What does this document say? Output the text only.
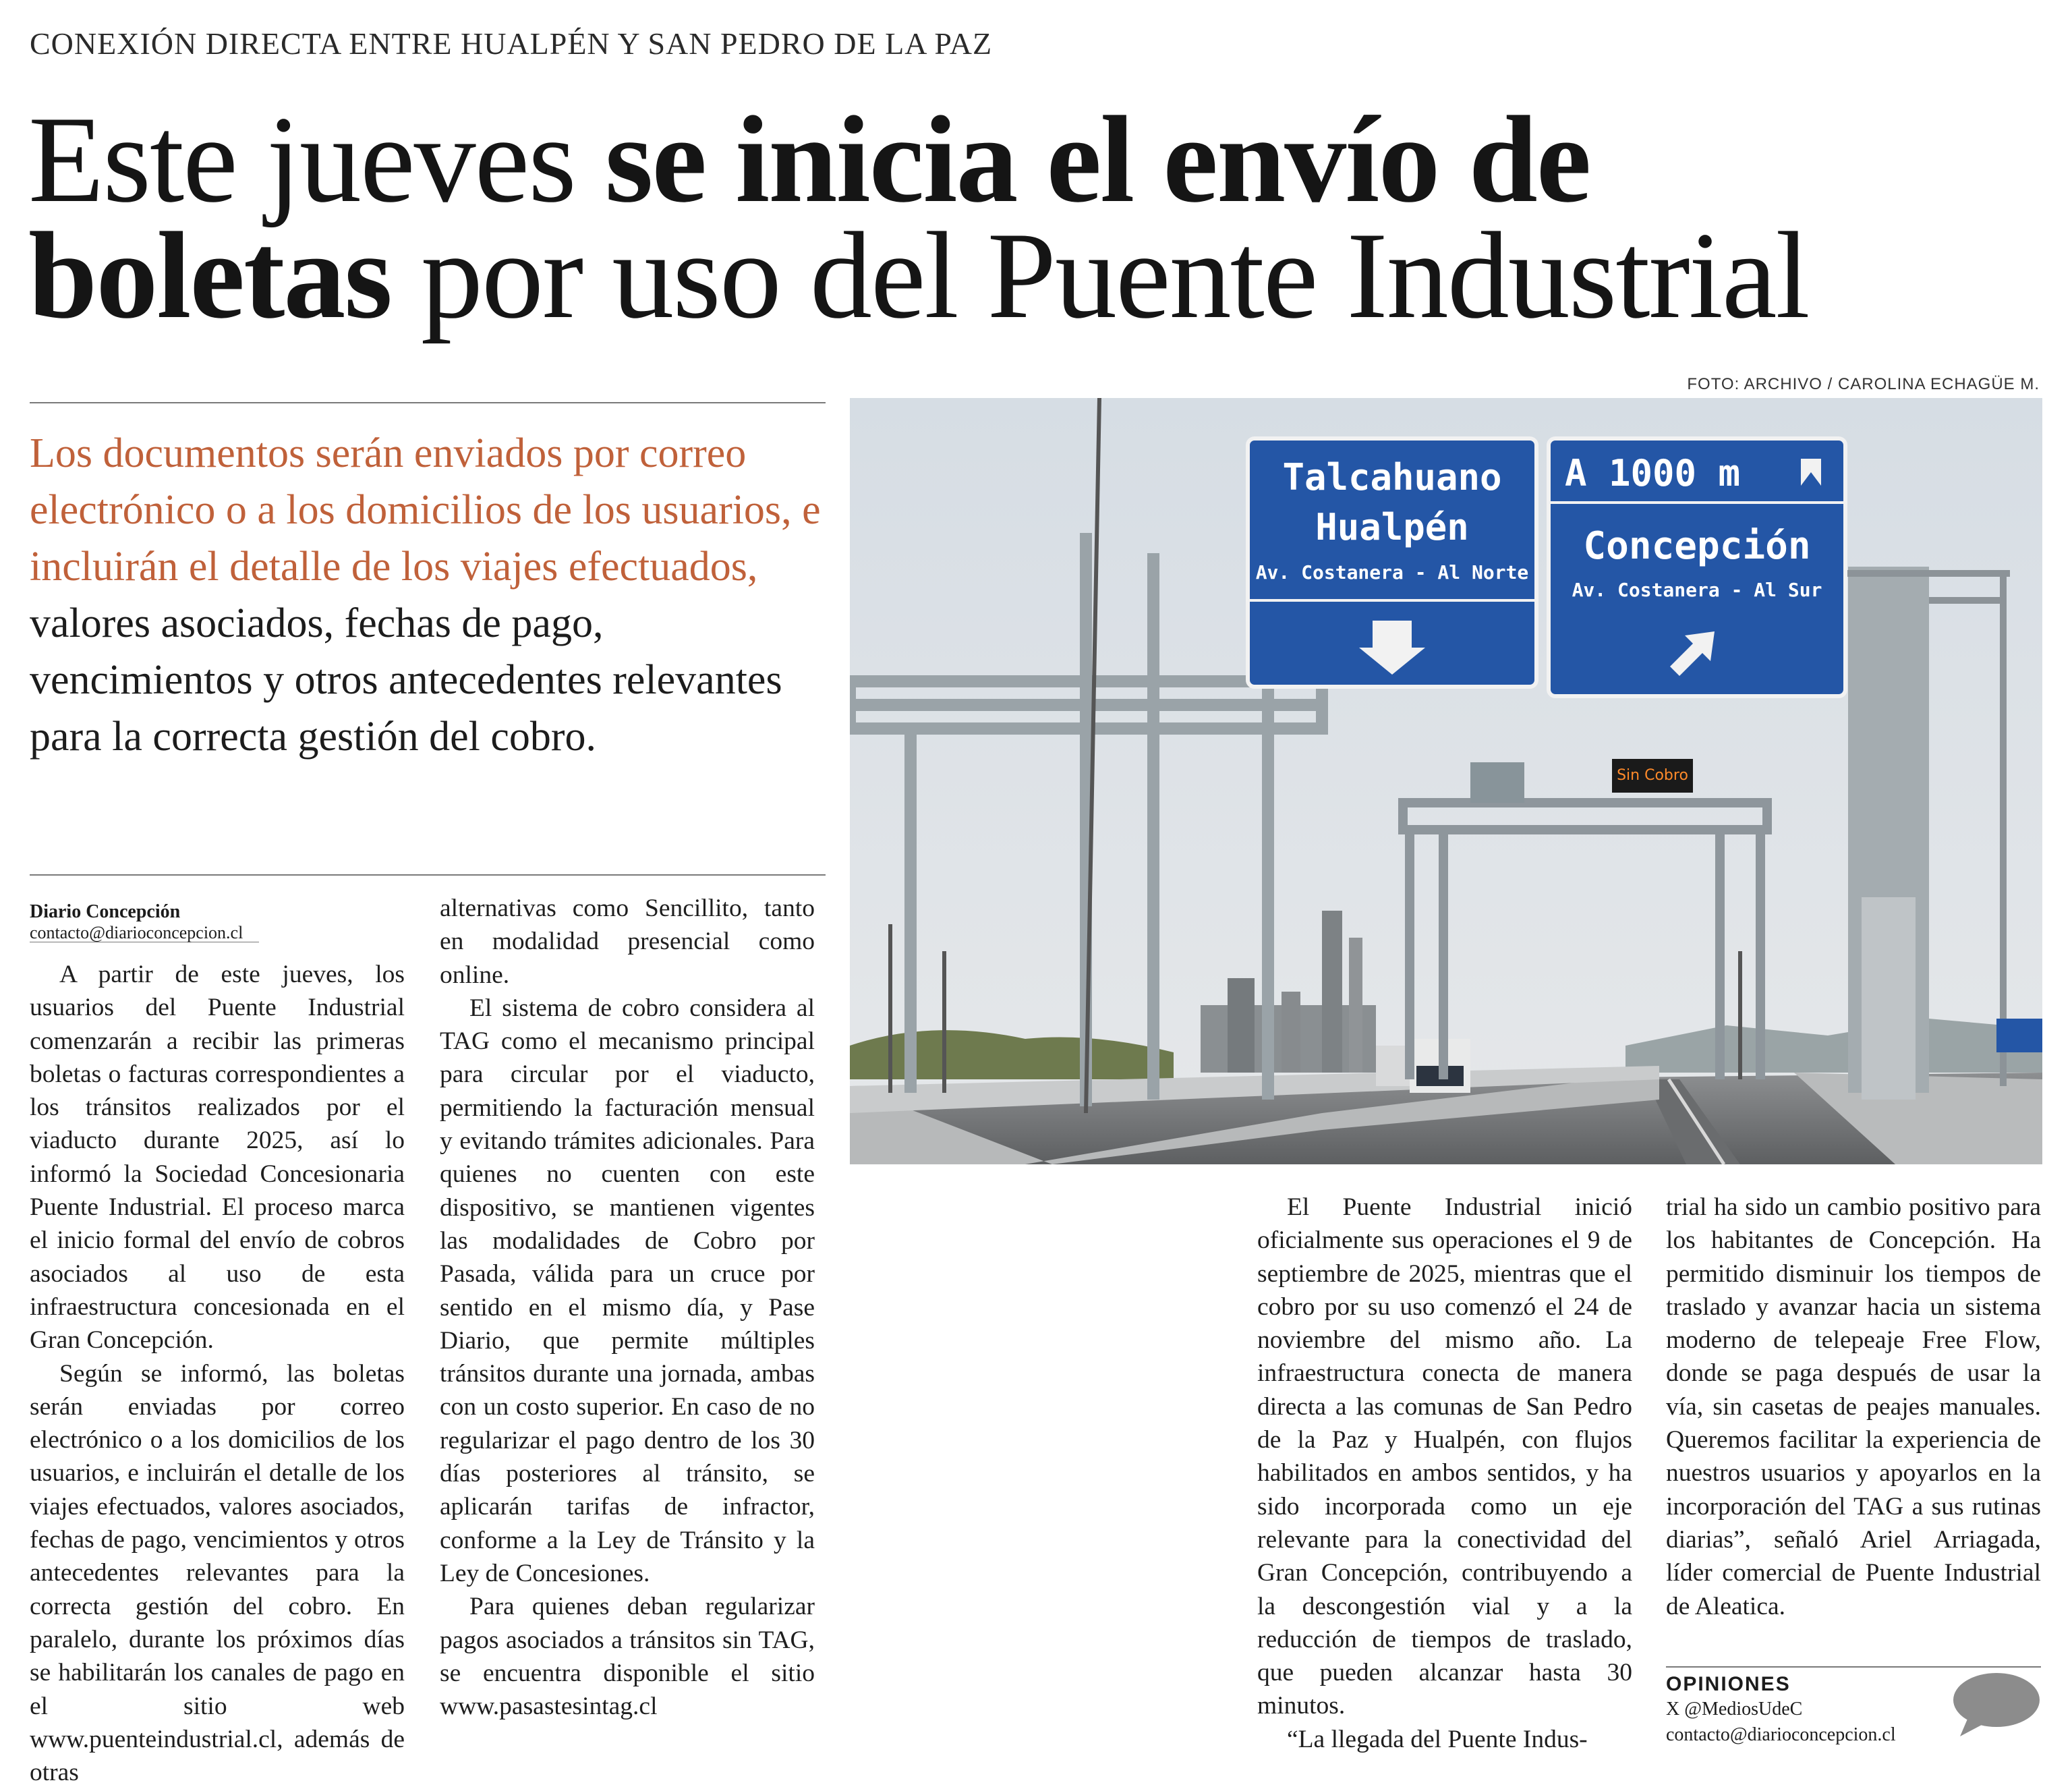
CONEXIÓN DIRECTA ENTRE HUALPÉN Y SAN PEDRO DE LA PAZ
Este jueves se inicia el envío de
boletas por uso del Puente Industrial
FOTO: ARCHIVO / CAROLINA ECHAGÜE M.
Los documentos serán enviados por correo electrónico o a los domicilios de los usuarios, e incluirán el detalle de los viajes efectuados, valores asociados, fechas de pago, vencimientos y otros antecedentes relevantes para la correcta gestión del cobro.
Diario Concepción
contacto@diarioconcepcion.cl

A partir de este jueves, los usuarios del Puente Industrial comenzarán a recibir las primeras boletas o facturas correspondientes a los tránsitos realizados por el viaducto durante 2025, así lo informó la Sociedad Concesionaria Puente Industrial. El proceso marca el inicio formal del envío de cobros asociados al uso de esta infraestructura concesionada en el Gran Concepción.

Según se informó, las boletas serán enviadas por correo electrónico o a los domicilios de los usuarios, e incluirán el detalle de los viajes efectuados, valores asociados, fechas de pago, vencimientos y otros antecedentes relevantes para la correcta gestión del cobro. En paralelo, durante los próximos días se habilitarán los canales de pago en el sitio web www.puenteindustrial.cl, además de otras

alternativas como Sencillito, tanto en modalidad presencial como online.

El sistema de cobro considera al TAG como el mecanismo principal para circular por el viaducto, permitiendo la facturación mensual y evitando trámites adicionales. Para quienes no cuenten con este dispositivo, se mantienen vigentes las modalidades de Cobro por Pasada, válida para un cruce por sentido en el mismo día, y Pase Diario, que permite múltiples tránsitos durante una jornada, ambas con un costo superior. En caso de no regularizar el pago dentro de los 30 días posteriores al tránsito, se aplicarán tarifas de infractor, conforme a la Ley de Tránsito y la Ley de Concesiones.

Para quienes deban regularizar pagos asociados a tránsitos sin TAG, se encuentra disponible el sitio www.pasastesintag.cl

El Puente Industrial inició oficialmente sus operaciones el 9 de septiembre de 2025, mientras que el cobro por su uso comenzó el 24 de noviembre del mismo año. La infraestructura conecta de manera directa a las comunas de San Pedro de la Paz y Hualpén, con flujos habilitados en ambos sentidos, y ha sido incorporada como un eje relevante para la conectividad del Gran Concepción, contribuyendo a la descongestión vial y a la reducción de tiempos de traslado, que pueden alcanzar hasta 30 minutos.

“La llegada del Puente Indus-

trial ha sido un cambio positivo para los habitantes de Concepción. Ha permitido disminuir los tiempos de traslado y avanzar hacia un sistema moderno de telepeaje Free Flow, donde se paga después de usar la vía, sin casetas de peajes manuales. Queremos facilitar la experiencia de nuestros usuarios y apoyarlos en la incorporación del TAG a sus rutinas diarias”, señaló Ariel Arriagada, líder comercial de Puente Industrial de Aleatica.

OPINIONES
X @MediosUdeC
contacto@diarioconcepcion.cl
Sin Cobro
Talcahuano
Hualpén
Av. Costanera - Al Norte
A 1000 m
Concepción
Av. Costanera - Al Sur
